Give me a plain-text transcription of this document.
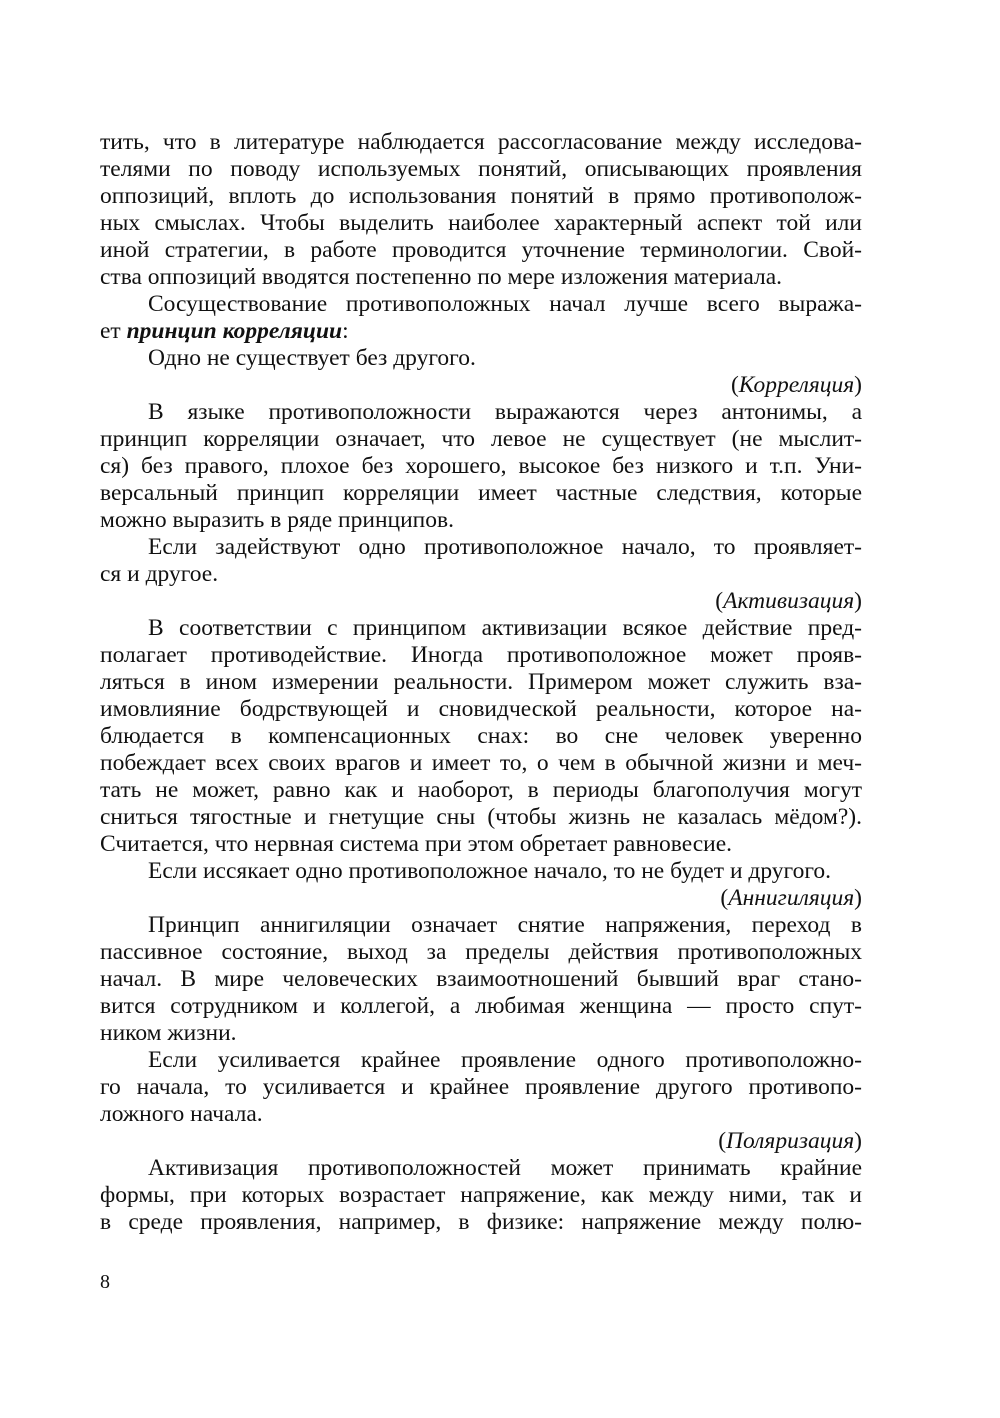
тить, что в литературе наблюдается рассогласование между исследова-
телями по поводу используемых понятий, описывающих проявления
оппозиций, вплоть до использования понятий в прямо противополож-
ных смыслах. Чтобы выделить наиболее характерный аспект той или
иной стратегии, в работе проводится уточнение терминологии. Свой-
ства оппозиций вводятся постепенно по мере изложения материала.
Сосуществование противоположных начал лучше всего выража-
ет принцип корреляции:
Одно не существует без другого.
(Корреляция)
В языке противоположности выражаются через антонимы, а
принцип корреляции означает, что левое не существует (не мыслит-
ся) без правого, плохое без хорошего, высокое без низкого и т.п. Уни-
версальный принцип корреляции имеет частные следствия, которые
можно выразить в ряде принципов.
Если задействуют одно противоположное начало, то проявляет-
ся и другое.
(Активизация)
В соответствии с принципом активизации всякое действие пред-
полагает противодействие. Иногда противоположное может прояв-
ляться в ином измерении реальности. Примером может служить вза-
имовлияние бодрствующей и сновидческой реальности, которое на-
блюдается в компенсационных снах: во сне человек уверенно
побеждает всех своих врагов и имеет то, о чем в обычной жизни и меч-
тать не может, равно как и наоборот, в периоды благополучия могут
сниться тягостные и гнетущие сны (чтобы жизнь не казалась мёдом?).
Считается, что нервная система при этом обретает равновесие.
Если иссякает одно противоположное начало, то не будет и другого.
(Аннигиляция)
Принцип аннигиляции означает снятие напряжения, переход в
пассивное состояние, выход за пределы действия противоположных
начал. В мире человеческих взаимоотношений бывший враг стано-
вится сотрудником и коллегой, а любимая женщина — просто спут-
ником жизни.
Если усиливается крайнее проявление одного противоположно-
го начала, то усиливается и крайнее проявление другого противопо-
ложного начала.
(Поляризация)
Активизация противоположностей может принимать крайние
формы, при которых возрастает напряжение, как между ними, так и
в среде проявления, например, в физике: напряжение между полю-
8
